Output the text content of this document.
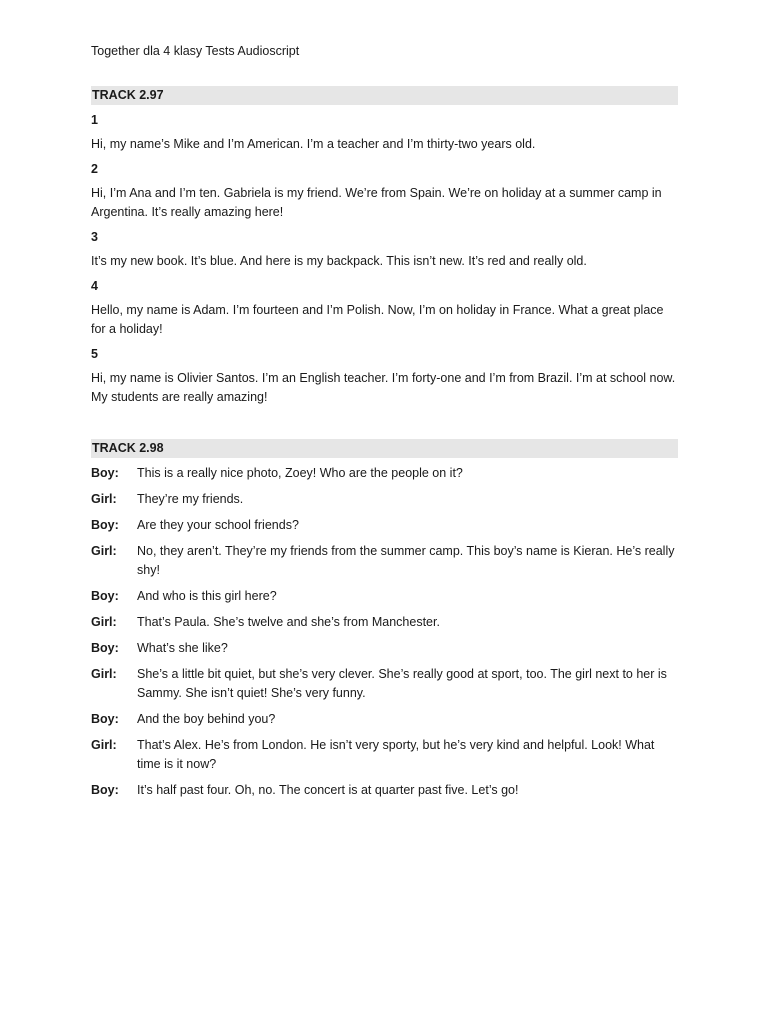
Together dla 4 klasy Tests Audioscript

TRACK 2.97
1
Hi, my name’s Mike and I’m American. I’m a teacher and I’m thirty-two years old.
2
Hi, I’m Ana and I’m ten. Gabriela is my friend. We’re from Spain. We’re on holiday at a summer camp in Argentina. It’s really amazing here!
3
It’s my new book. It’s blue. And here is my backpack. This isn’t new. It’s red and really old.
4
Hello, my name is Adam. I’m fourteen and I’m Polish. Now, I’m on holiday in France. What a great place for a holiday!
5
Hi, my name is Olivier Santos. I’m an English teacher. I’m forty-one and I’m from Brazil. I’m at school now. My students are really amazing!
TRACK 2.98
Boy:	This is a really nice photo, Zoey! Who are the people on it?
Girl:	They’re my friends.
Boy:	Are they your school friends?
Girl:	No, they aren’t. They’re my friends from the summer camp. This boy’s name is Kieran. He’s really shy!
Boy:	And who is this girl here?
Girl:	That’s Paula. She’s twelve and she’s from Manchester.
Boy:	What’s she like?
Girl:	She’s a little bit quiet, but she’s very clever. She’s really good at sport, too. The girl next to her is Sammy. She isn’t quiet! She’s very funny.
Boy:	And the boy behind you?
Girl:	That’s Alex. He’s from London. He isn’t very sporty, but he’s very kind and helpful. Look! What time is it now?
Boy:	It’s half past four. Oh, no. The concert is at quarter past five. Let’s go!
